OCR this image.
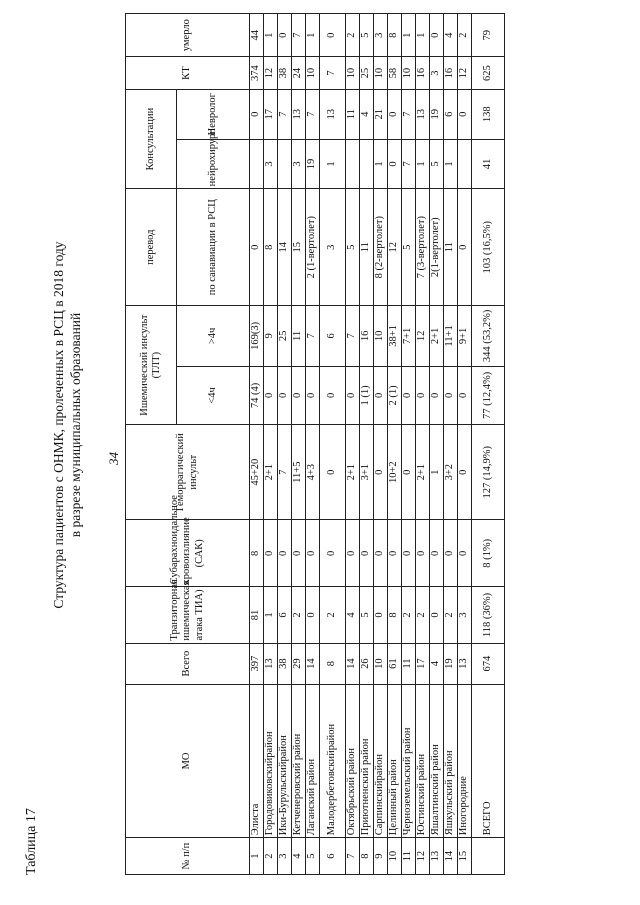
Таблица 17
Структура пациентов с ОНМК, пролеченных в РСЦ в 2018 году в разрезе муниципальных образований 34
№ п/п	МО	Всего	Транзиторная ишемическая атака ТИА)	Субарахноидальное кровоизлияние (САК)	Геморрагический инсульт	Ишемический инсульт (ТЛТ)		перевод	Консультации		КТ	умерло
									нейрохирург	Невролог		
						<4ч	>4ч	по санавиации в РСЦ				
1	Элиста	397	81	8	45+20	74 (4)	169(3)	0		0	374	44
2	Городовиковскийрайон	13	1	0	2+1	0	9	8	3	17	12	1
3	Ики-Бурульскийрайон	38	6	0	7	0	25	14		7	38	0
4	Кетченеровский район	29	2	0	11+5	0	11	15	3	13	24	7
5	Лаганский район	14	0	0	4+3	0	7	2 (1-вертолет)	19	7	10	1
6	Малодербетовскийрайон	8	2	0	0	0	6	3	1	13	7	0
7	Октябрьский район	14	4	0	2+1	0	7	5		11	10	2
8	Приютненский район	26	5	0	3+1	1 (1)	16	11		4	25	5
9	Сарпинскийрайон	10	0	0	0	0	10	8 (2-вертолет)	1	21	10	3
10	Целинный район	61	8	0	10+2	2 (1)	38+1	12	0	0	58	8
11	Черноземельский район	11	2	0	0	0	7+1	5	7	7	10	1
12	Юстинский район	17	2	0	2+1	0	12	7 (3-вертолет)	1	13	16	1
13	Яшалтинский район	4	0	0	1	0	2+1	2(1-вертолет)	5	19	3	0
14	Яшкульский район	19	2	0	3+2	0	11+1	11	1	6	16	4
15	Иногородние	13	3	0	0	0	9+1	0		0	12	2
	ВСЕГО	674	118 (36%)	8 (1%)	127 (14,9%)	77 (12,4%)	344 (53,2%)	103 (16,5%)	41	138	625	79
